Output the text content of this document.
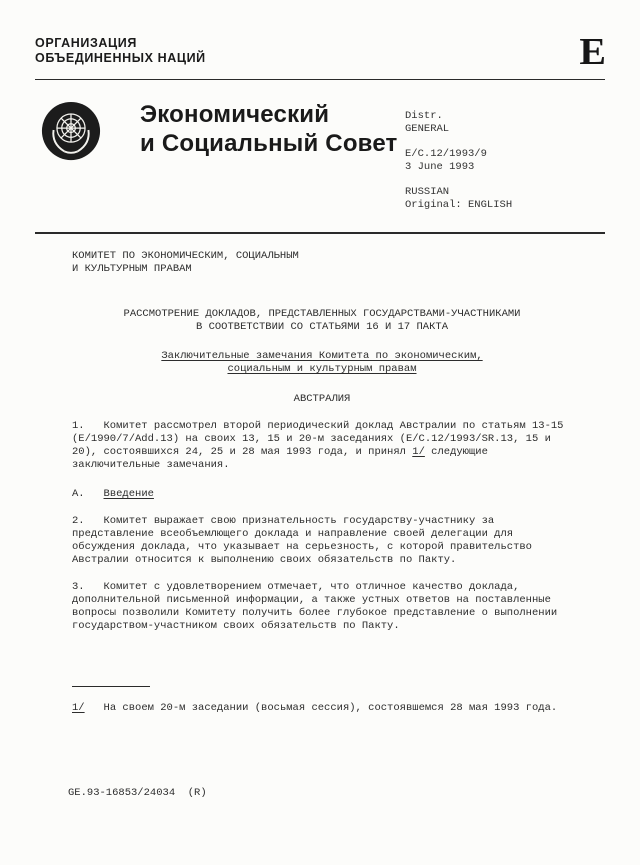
ОРГАНИЗАЦИЯ
ОБЪЕДИНЕННЫХ НАЦИЙ	E
Экономический
и Социальный Совет
Distr.
GENERAL
E/C.12/1993/9
3 June 1993
RUSSIAN
Original: ENGLISH
КОМИТЕТ ПО ЭКОНОМИЧЕСКИМ, СОЦИАЛЬНЫМ
И КУЛЬТУРНЫМ ПРАВАМ
РАССМОТРЕНИЕ ДОКЛАДОВ, ПРЕДСТАВЛЕННЫХ ГОСУДАРСТВАМИ-УЧАСТНИКАМИ
В СООТВЕТСТВИИ СО СТАТЬЯМИ 16 И 17 ПАКТА
Заключительные замечания Комитета по экономическим,
социальным и культурным правам
АВСТРАЛИЯ

1.   Комитет рассмотрел второй периодический доклад Австралии по статьям 13-15 (E/1990/7/Add.13) на своих 13, 15 и 20-м заседаниях (E/C.12/1993/SR.13, 15 и 20), состоявшихся 24, 25 и 28 мая 1993 года, и принял 1/ следующие заключительные замечания.

А.   Введение

2.   Комитет выражает свою признательность государству-участнику за представление всеобъемлющего доклада и направление своей делегации для обсуждения доклада, что указывает на серьезность, с которой правительство Австралии относится к выполнению своих обязательств по Пакту.

3.   Комитет с удовлетворением отмечает, что отличное качество доклада, дополнительной письменной информации, а также устных ответов на поставленные вопросы позволили Комитету получить более глубокое представление о выполнении государством-участником своих обязательств по Пакту.

1/   На своем 20-м заседании (восьмая сессия), состоявшемся 28 мая 1993 года.
GE.93-16853/24034  (R)
